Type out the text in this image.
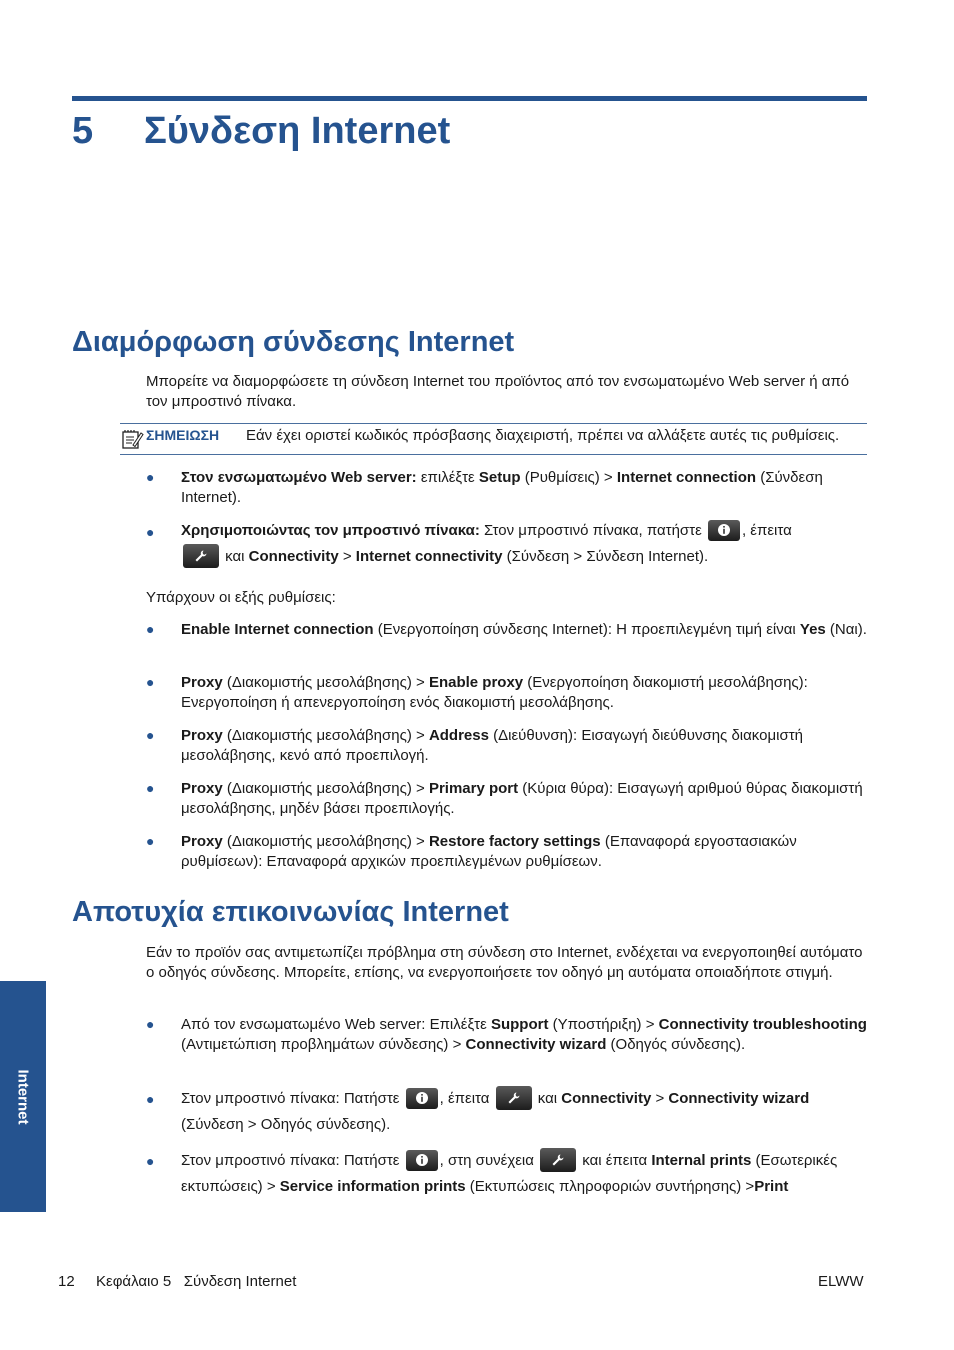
5 Σύνδεση Internet
Διαμόρφωση σύνδεσης Internet
Μπορείτε να διαμορφώσετε τη σύνδεση Internet του προϊόντος από τον ενσωματωμένο Web server ή από τον μπροστινό πίνακα.
ΣΗΜΕΙΩΣΗ Εάν έχει οριστεί κωδικός πρόσβασης διαχειριστή, πρέπει να αλλάξετε αυτές τις ρυθμίσεις.
● Στον ενσωματωμένο Web server: επιλέξτε Setup (Ρυθμίσεις) > Internet connection (Σύνδεση Internet).
● Χρησιμοποιώντας τον μπροστινό πίνακα: Στον μπροστινό πίνακα, πατήστε
, έπειτα

και Connectivity > Internet connectivity (Σύνδεση > Σύνδεση Internet).
Υπάρχουν οι εξής ρυθμίσεις:
● Enable Internet connection (Ενεργοποίηση σύνδεσης Internet): Η προεπιλεγμένη τιμή είναι Yes (Ναι).
● Proxy (Διακομιστής μεσολάβησης) > Enable proxy (Ενεργοποίηση διακομιστή μεσολάβησης): Ενεργοποίηση ή απενεργοποίηση ενός διακομιστή μεσολάβησης.
● Proxy (Διακομιστής μεσολάβησης) > Address (Διεύθυνση): Εισαγωγή διεύθυνσης διακομιστή μεσολάβησης, κενό από προεπιλογή.
● Proxy (Διακομιστής μεσολάβησης) > Primary port (Κύρια θύρα): Εισαγωγή αριθμού θύρας διακομιστή μεσολάβησης, μηδέν βάσει προεπιλογής.
● Proxy (Διακομιστής μεσολάβησης) > Restore factory settings (Επαναφορά εργοστασιακών ρυθμίσεων): Επαναφορά αρχικών προεπιλεγμένων ρυθμίσεων.
Αποτυχία επικοινωνίας Internet
Εάν το προϊόν σας αντιμετωπίζει πρόβλημα στη σύνδεση στο Internet, ενδέχεται να ενεργοποιηθεί αυτόματο ο οδηγός σύνδεσης. Μπορείτε, επίσης, να ενεργοποιήσετε τον οδηγό μη αυτόματα οποιαδήποτε στιγμή.
● Από τον ενσωματωμένο Web server: Επιλέξτε Support (Υποστήριξη) > Connectivity troubleshooting (Αντιμετώπιση προβλημάτων σύνδεσης) > Connectivity wizard (Οδηγός σύνδεσης).
● Στον μπροστινό πίνακα: Πατήστε
, έπειτα	και Connectivity > Connectivity wizard
(Σύνδεση > Οδηγός σύνδεσης).
● Στον μπροστινό πίνακα: Πατήστε
, στη συνέχεια	και έπειτα Internal prints (Εσωτερικές εκτυπώσεις) > Service information prints (Εκτυπώσεις πληροφοριών συντήρησης) >Print
Internet
12 Κεφάλαιο 5   Σύνδεση Internet	ELWW
